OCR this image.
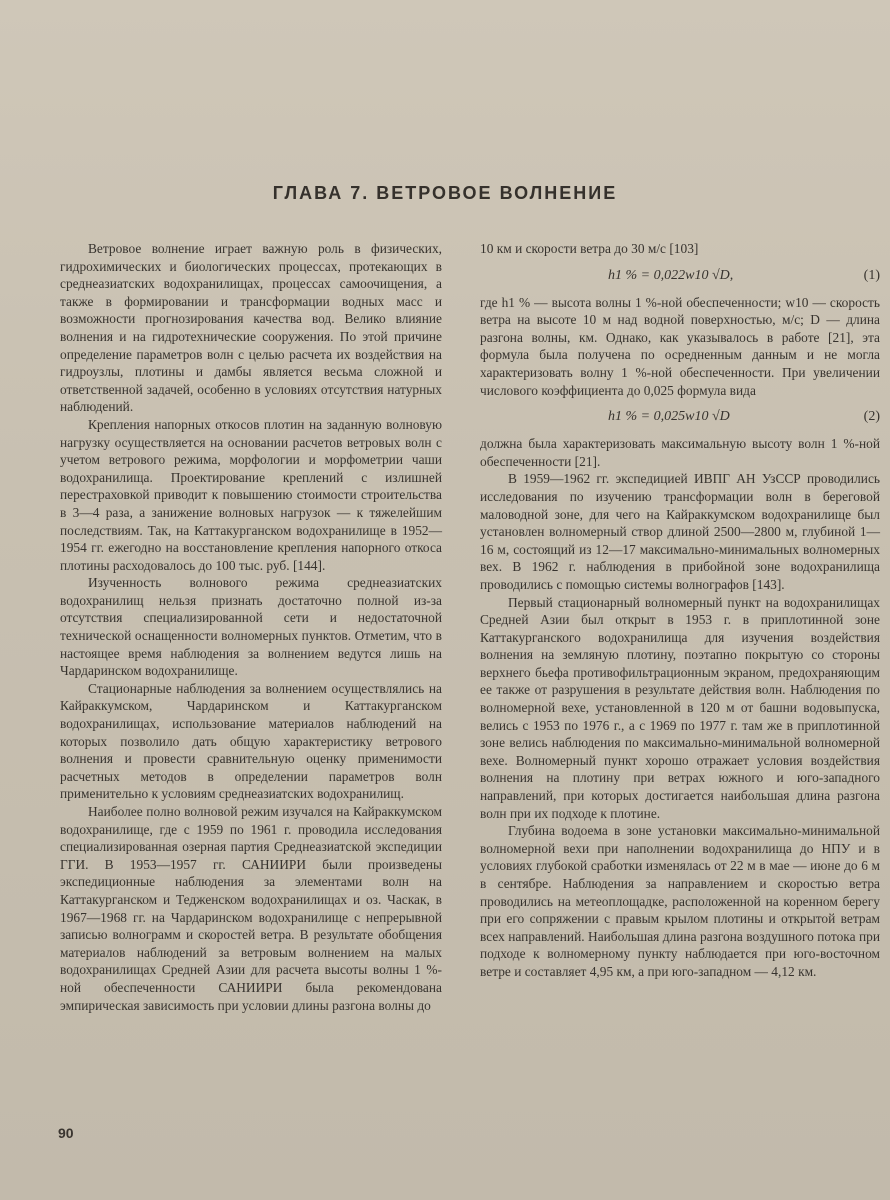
ГЛАВА 7. ВЕТРОВОЕ ВОЛНЕНИЕ

Ветровое волнение играет важную роль в физических, гидрохимических и биологических процессах, протекающих в среднеазиатских водохранилищах, процессах самоочищения, а также в формировании и трансформации водных масс и возможности прогнозирования качества вод. Велико влияние волнения и на гидротехнические сооружения. По этой причине определение параметров волн с целью расчета их воздействия на гидроузлы, плотины и дамбы является весьма сложной и ответственной задачей, особенно в условиях отсутствия натурных наблюдений.

Крепления напорных откосов плотин на заданную волновую нагрузку осуществляется на основании расчетов ветровых волн с учетом ветрового режима, морфологии и морфометрии чаши водохранилища. Проектирование креплений с излишней перестраховкой приводит к повышению стоимости строительства в 3—4 раза, а занижение волновых нагрузок — к тяжелейшим последствиям. Так, на Каттакурганском водохранилище в 1952—1954 гг. ежегодно на восстановление крепления напорного откоса плотины расходовалось до 100 тыс. руб. [144].

Изученность волнового режима среднеазиатских водохранилищ нельзя признать достаточно полной из-за отсутствия специализированной сети и недостаточной технической оснащенности волномерных пунктов. Отметим, что в настоящее время наблюдения за волнением ведутся лишь на Чардаринском водохранилище.

Стационарные наблюдения за волнением осуществлялись на Кайраккумском, Чардаринском и Каттакурганском водохранилищах, использование материалов наблюдений на которых позволило дать общую характеристику ветрового волнения и провести сравнительную оценку применимости расчетных методов в определении параметров волн применительно к условиям среднеазиатских водохранилищ.

Наиболее полно волновой режим изучался на Кайраккумском водохранилище, где с 1959 по 1961 г. проводила исследования специализированная озерная партия Среднеазиатской экспедиции ГГИ. В 1953—1957 гг. САНИИРИ были произведены экспедиционные наблюдения за элементами волн на Каттакурганском и Тедженском водохранилищах и оз. Часкак, в 1967—1968 гг. на Чардаринском водохранилище с непрерывной записью волнограмм и скоростей ветра. В результате обобщения материалов наблюдений за ветровым волнением на малых водохранилищах Средней Азии для расчета высоты волны 1 %-ной обеспеченности САНИИРИ была рекомендована эмпирическая зависимость при условии длины разгона волны до

10 км и скорости ветра до 30 м/с [103]

h1 % = 0,022w10 √D,	(1)

где h1 % — высота волны 1 %-ной обеспеченности; w10 — скорость ветра на высоте 10 м над водной поверхностью, м/с; D — длина разгона волны, км. Однако, как указывалось в работе [21], эта формула была получена по осредненным данным и не могла характеризовать волну 1 %-ной обеспеченности. При увеличении числового коэффициента до 0,025 формула вида

h1 % = 0,025w10 √D	(2)

должна была характеризовать максимальную высоту волн 1 %-ной обеспеченности [21].

В 1959—1962 гг. экспедицией ИВПГ АН УзССР проводились исследования по изучению трансформации волн в береговой маловодной зоне, для чего на Кайраккумском водохранилище был установлен волномерный створ длиной 2500—2800 м, глубиной 1—16 м, состоящий из 12—17 максимально-минимальных волномерных вех. В 1962 г. наблюдения в прибойной зоне водохранилища проводились с помощью системы волнографов [143].

Первый стационарный волномерный пункт на водохранилищах Средней Азии был открыт в 1953 г. в приплотинной зоне Каттакурганского водохранилища для изучения воздействия волнения на земляную плотину, поэтапно покрытую со стороны верхнего бьефа противофильтрационным экраном, предохраняющим ее также от разрушения в результате действия волн. Наблюдения по волномерной вехе, установленной в 120 м от башни водовыпуска, велись с 1953 по 1976 г., а с 1969 по 1977 г. там же в приплотинной зоне велись наблюдения по максимально-минимальной волномерной вехе. Волномерный пункт хорошо отражает условия воздействия волнения на плотину при ветрах южного и юго-западного направлений, при которых достигается наибольшая длина разгона волн при их подходе к плотине.

Глубина водоема в зоне установки максимально-минимальной волномерной вехи при наполнении водохранилища до НПУ и в условиях глубокой сработки изменялась от 22 м в мае — июне до 6 м в сентябре. Наблюдения за направлением и скоростью ветра проводились на метеоплощадке, расположенной на коренном берегу при его сопряжении с правым крылом плотины и открытой ветрам всех направлений. Наибольшая длина разгона воздушного потока при подходе к волномерному пункту наблюдается при юго-восточном ветре и составляет 4,95 км, а при юго-западном — 4,12 км.

90
